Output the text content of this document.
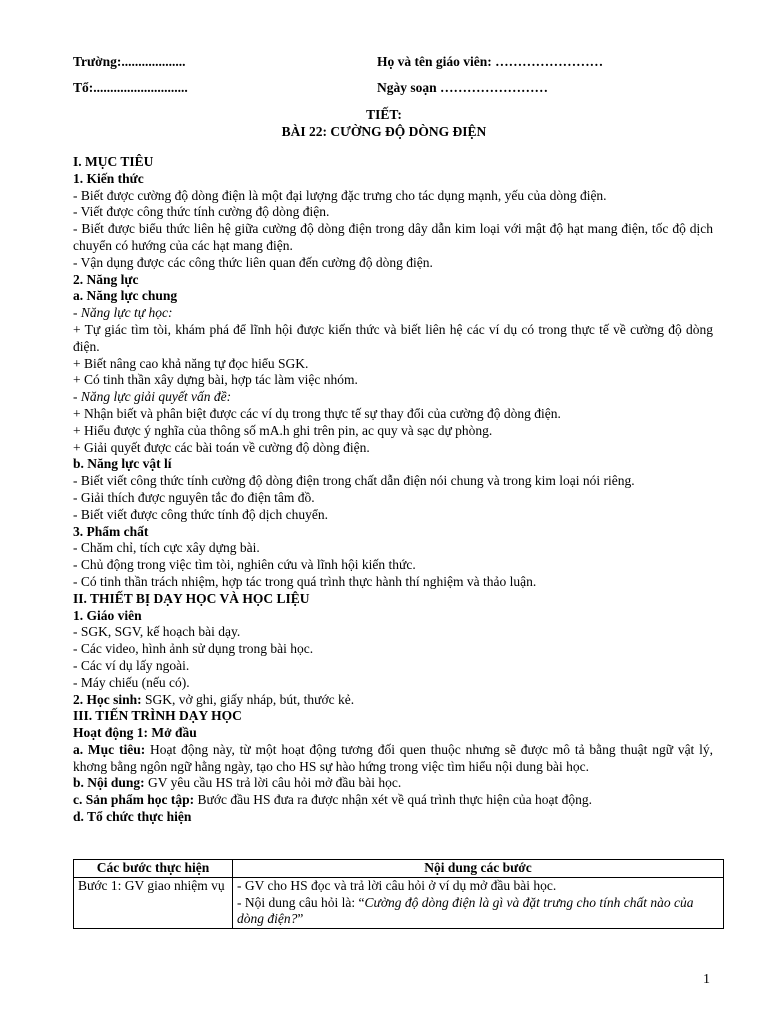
Trường:...................	Họ và tên giáo viên: ……………………
Tổ:............................	Ngày soạn ……………………
TIẾT:
BÀI 22: CƯỜNG ĐỘ DÒNG ĐIỆN

I. MỤC TIÊU

1. Kiến thức

- Biết được cường độ dòng điện là một đại lượng đặc trưng cho tác dụng mạnh, yếu của dòng điện.

- Viết được công thức tính cường độ dòng điện.

- Biết được biểu thức liên hệ giữa cường độ dòng điện trong dây dẫn kim loại với mật độ hạt mang điện, tốc độ dịch chuyển có hướng của các hạt mang điện.

- Vận dụng được các công thức liên quan đến cường độ dòng điện.

2. Năng lực

a. Năng lực chung

- Năng lực tự học:

+ Tự giác tìm tòi, khám phá để lĩnh hội được kiến thức và biết liên hệ các ví dụ có trong thực tế về cường độ dòng điện.

+ Biết nâng cao khả năng tự đọc hiểu SGK.

+ Có tinh thần xây dựng bài, hợp tác làm việc nhóm.

- Năng lực giải quyết vấn đề:

+ Nhận biết và phân biệt được các ví dụ trong thực tế sự thay đổi của cường độ dòng điện.

+ Hiểu được ý nghĩa của thông số mA.h ghi trên pin, ac quy và sạc dự phòng.

+ Giải quyết được các bài toán về cường độ dòng điện.

b. Năng lực vật lí

- Biết viết công thức tính cường độ dòng điện trong chất dẫn điện nói chung và trong kim loại nói riêng.

- Giải thích được nguyên tắc đo điện tâm đồ.

- Biết viết được công thức tính độ dịch chuyển.

3. Phẩm chất

- Chăm chỉ, tích cực xây dựng bài.

- Chủ động trong việc tìm tòi, nghiên cứu và lĩnh hội kiến thức.

- Có tinh thần trách nhiệm, hợp tác trong quá trình thực hành thí nghiệm và thảo luận.

II. THIẾT BỊ DẠY HỌC VÀ HỌC LIỆU

1. Giáo viên

- SGK, SGV, kế hoạch bài dạy.

- Các video, hình ảnh sử dụng trong bài học.

- Các ví dụ lấy ngoài.

- Máy chiếu (nếu có).

2. Học sinh: SGK, vở ghi, giấy nháp, bút, thước kẻ.

III. TIẾN TRÌNH DẠY HỌC

Hoạt động 1: Mở đầu

a. Mục tiêu: Hoạt động này, từ một hoạt động tương đối quen thuộc nhưng sẽ được mô tả bằng thuật ngữ vật lý, khơng bằng ngôn ngữ hằng ngày, tạo cho HS sự hào hứng trong việc tìm hiểu nội dung bài học.

b. Nội dung: GV yêu cầu HS trả lời câu hỏi mở đầu bài học.

c. Sản phẩm học tập: Bước đầu HS đưa ra được nhận xét về quá trình thực hiện của hoạt động.

d. Tổ chức thực hiện

Các bước thực hiện	Nội dung các bước
Bước 1: GV giao nhiệm vụ	- GV cho HS đọc và trả lời câu hỏi ở ví dụ mở đầu bài học.
- Nội dung câu hỏi là: “Cường độ dòng điện là gì và đặt trưng cho tính chất nào của dòng điện?”
1
